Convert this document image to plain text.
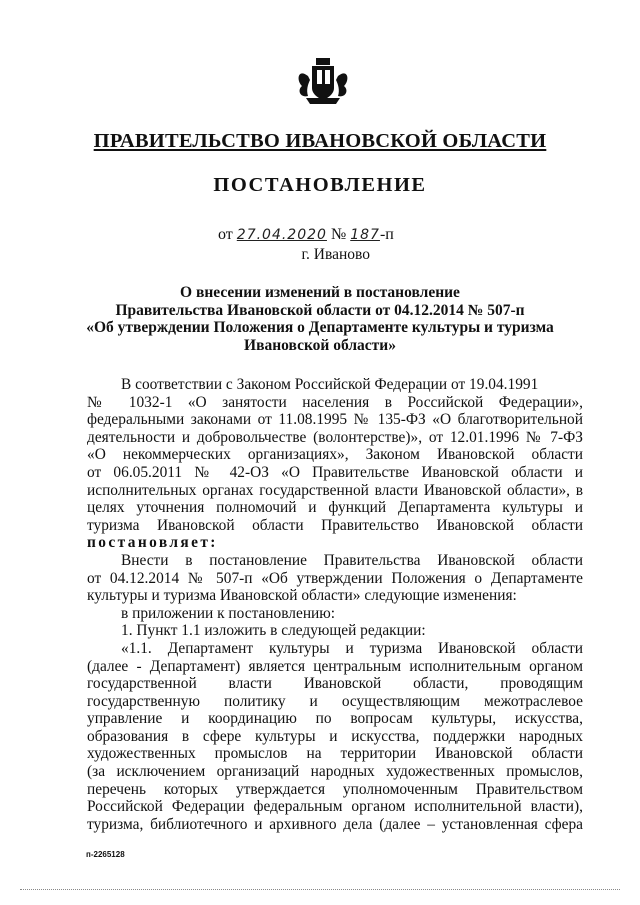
ПРАВИТЕЛЬСТВО ИВАНОВСКОЙ ОБЛАСТИ
ПОСТАНОВЛЕНИЕ
от 27.04.2020 № 187-п
г. Иваново
О внесении изменений в постановление
Правительства Ивановской области от 04.12.2014 № 507-п
«Об утверждении Положения о Департаменте культуры и туризма
Ивановской области»
В соответствии с Законом Российской Федерации от 19.04.1991
№ 1032-1 «О занятости населения в Российской Федерации»,
федеральными законами от 11.08.1995 № 135-ФЗ «О благотворительной
деятельности и добровольчестве (волонтерстве)», от 12.01.1996 № 7-ФЗ
«О некоммерческих организациях», Законом Ивановской области
от 06.05.2011 № 42-ОЗ «О Правительстве Ивановской области и
исполнительных органах государственной власти Ивановской области», в
целях уточнения полномочий и функций Департамента культуры и
туризма Ивановской области Правительство Ивановской области
постановляет:
Внести в постановление Правительства Ивановской области
от 04.12.2014 № 507-п «Об утверждении Положения о Департаменте
культуры и туризма Ивановской области» следующие изменения:
в приложении к постановлению:
1. Пункт 1.1 изложить в следующей редакции:
«1.1. Департамент культуры и туризма Ивановской области
(далее - Департамент) является центральным исполнительным органом
государственной власти Ивановской области, проводящим
государственную политику и осуществляющим межотраслевое
управление и координацию по вопросам культуры, искусства,
образования в сфере культуры и искусства, поддержки народных
художественных промыслов на территории Ивановской области
(за исключением организаций народных художественных промыслов,
перечень которых утверждается уполномоченным Правительством
Российской Федерации федеральным органом исполнительной власти),
туризма, библиотечного и архивного дела (далее – установленная сфера
п-2265128
